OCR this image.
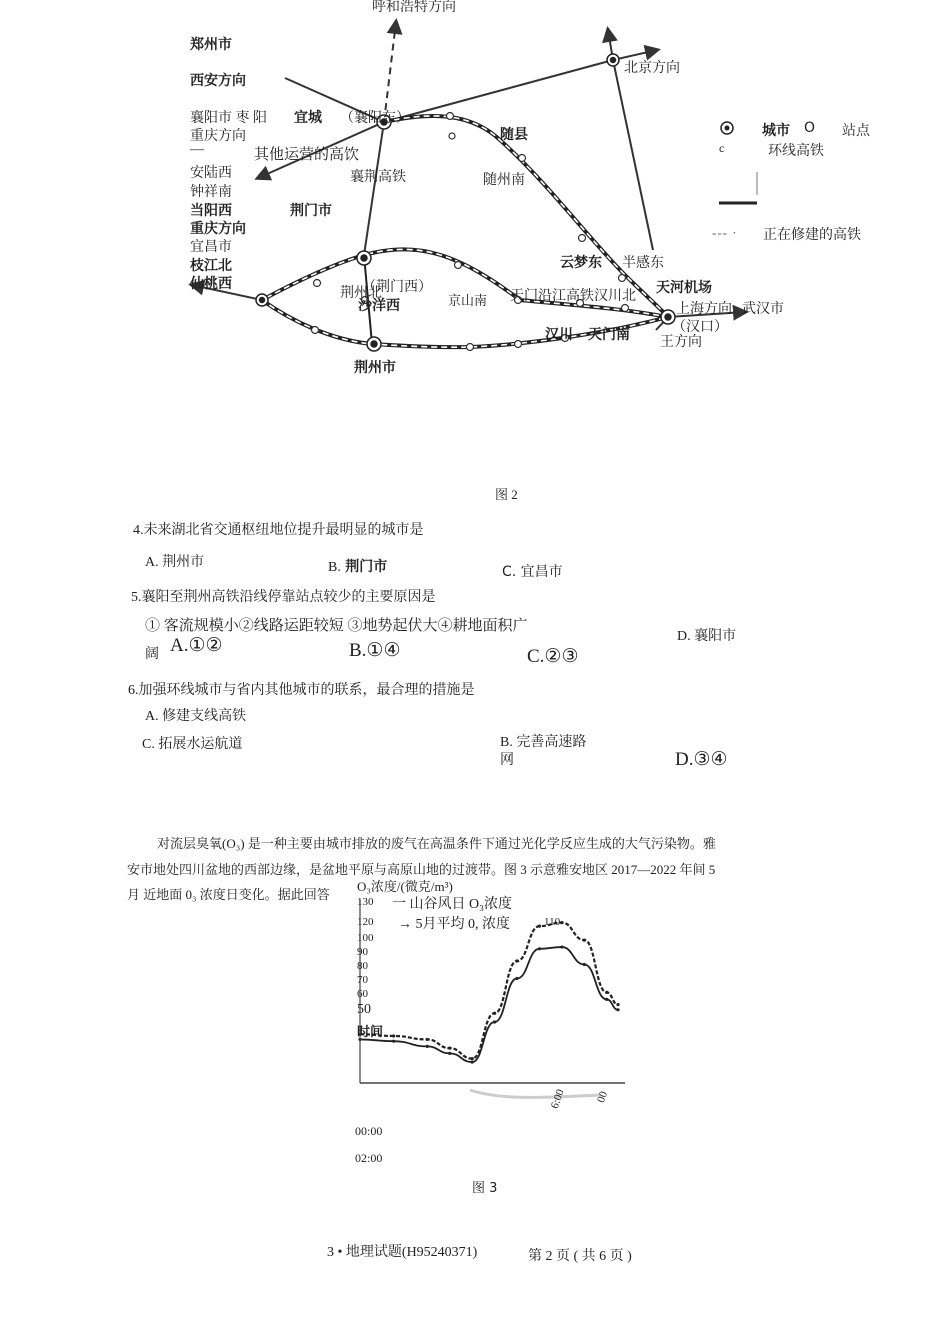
呼和浩特方向
郑州市
西安方向
襄阳市 枣 阳 宜城 （襄阳东）
重庆方向
—	其他运营的高饮
安陆西
钟祥南
当阳西
重庆方向
宜昌市
枝江北
仙桃西
荆门市
襄荆高铁
随县
随州南
北京方向
城市 O 站点
c	环线高铁
--- · 正在修建的高铁
云梦东 半感东
天河机场
（荆门西）
荆州北
沙洋西	京山南 天门沿江高铁汉川北
（汉口）
上海方向 武汉市
汉川 天门南 王方向
荆州市
图 2
4.未来湖北省交通枢纽地位提升最明显的城市是
A. 荆州市	B. 荆门市	C. 宜昌市
5.襄阳至荆州高铁沿线停靠站点较少的主要原因是
① 客流规模小②线路运距较短 ③地势起伏大④耕地面积广
阔 A.①②	B.①④	C.②③
D. 襄阳市
6.加强环线城市与省内其他城市的联系，最合理的措施是
A. 修建支线高铁
C. 拓展水运航道	B. 完善高速路
网	D.③④
对流层臭氧(O₃) 是一种主要由城市排放的废气在高温条件下通过光化学反应生成的大气污染物。雅
安市地处四川盆地的西部边缘，是盆地平原与高原山地的过渡带。图 3 示意雅安地区 2017—2022 年间 5
月 近地面 0₃ 浓度日变化。据此回答
O₃浓度/(微克/m³)
一 山谷风日 O₃浓度
→ 5月平均 0, 浓度	110
130
120
100
90
80
70
60
50
时间
6:00	00
00:00
02:00
图 3
3 • 地理试题(H95240371)	第 2 页 ( 共 6 页 )
